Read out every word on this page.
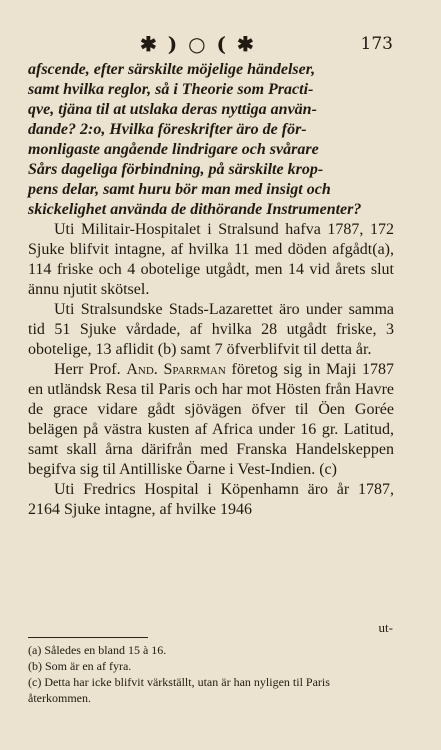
✱ ) ○ ( ✱	173

afscende, efter särskilte möjelige händelser,

samt hvilka reglor, så i Theorie som Practi-

qve, tjäna til at utslaka deras nyttiga använ-

dande? 2:o, Hvilka föreskrifter äro de för-

monligaste angående lindrigare och svårare

Sårs dageliga förbindning, på särskilte krop-

pens delar, samt huru bör man med insigt och

skickelighet använda de dithörande Instrumenter?

Uti Militair-Hospitalet i Stralsund hafva 1787, 172 Sjuke blifvit intagne, af hvilka 11 med döden afgådt(a), 114 friske och 4 obotelige utgådt, men 14 vid årets slut ännu njutit skötsel.

Uti Stralsundske Stads-Lazarettet äro under samma tid 51 Sjuke vårdade, af hvilka 28 utgådt friske, 3 obotelige, 13 aflidit (b) samt 7 öfverblifvit til detta år.

Herr Prof. And. Sparrman företog sig in Maji 1787 en utländsk Resa til Paris och har mot Hösten från Havre de grace vidare gådt sjövägen öfver til Öen Gorée belägen på västra kusten af Africa under 16 gr. Latitud, samt skall årna därifrån med Franska Handelskeppen begifva sig til Antilliske Öarne i Vest-Indien. (c)

Uti Fredrics Hospital i Köpenhamn äro år 1787, 2164 Sjuke intagne, af hvilke 1946

ut-
(a) Således en bland 15 à 16.
(b) Som är en af fyra.
(c) Detta har icke blifvit värkställt, utan är han nyligen til Paris återkommen.
